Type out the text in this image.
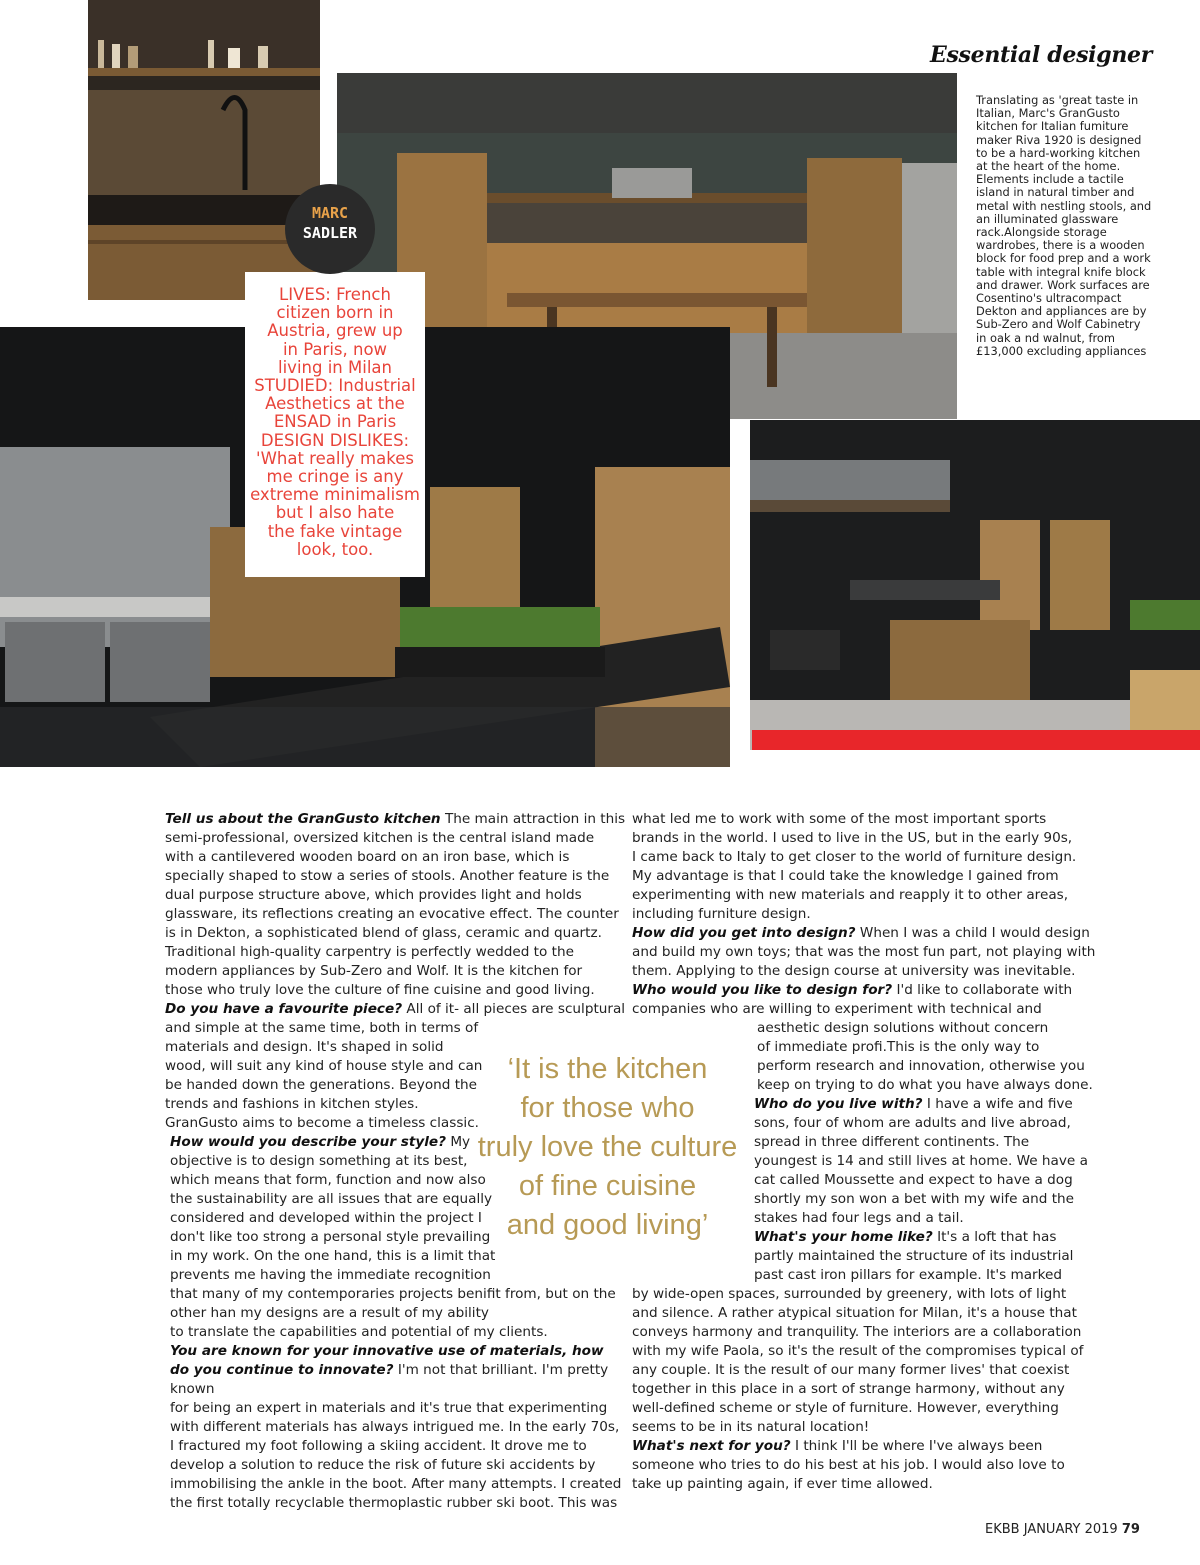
Essential designer
Translating as 'great taste in Italian, Marc's GranGusto kitchen for Italian fumiture maker Riva 1920 is designed to be a hard-working kitchen at the heart of the home. Elements include a tactile island in natural timber and metal with nestling stools, and an illuminated glassware rack.Alongside storage wardrobes, there is a wooden block for food prep and a work table with integral knife block and drawer. Work surfaces are Cosentino's ultracompact Dekton and appliances are by Sub-Zero and Wolf Cabinetry in oak a nd walnut, from £13,000 excluding appliances
LIVES: French
citizen born in
Austria, grew up
in Paris, now
living in Milan
STUDIED: Industrial
Aesthetics at the
ENSAD in Paris
DESIGN DISLIKES:
'What really makes
me cringe is any
extreme minimalism
but I also hate
the fake vintage
look, too.
MARC
SADLER
Tell us about the GranGusto kitchen The main attraction in this
semi-professional, oversized kitchen is the central island made
with a cantilevered wooden board on an iron base, which is
specially shaped to stow a series of stools. Another feature is the
dual purpose structure above, which provides light and holds
glassware, its reflections creating an evocative effect. The counter
is in Dekton, a sophisticated blend of glass, ceramic and quartz.
Traditional high-quality carpentry is perfectly wedded to the
modern appliances by Sub-Zero and Wolf. It is the kitchen for
those who truly love the culture of fine cuisine and good living.
Do you have a favourite piece? All of it- all pieces are sculptural
and simple at the same time, both in terms of
materials and design. It's shaped in solid
wood, will suit any kind of house style and can
be handed down the generations. Beyond the
trends and fashions in kitchen styles.
GranGusto aims to become a timeless classic.
How would you describe your style? My
objective is to design something at its best,
which means that form, function and now also
the sustainability are all issues that are equally
considered and developed within the project I
don't like too strong a personal style prevailing
in my work. On the one hand, this is a limit that
prevents me having the immediate recognition
that many of my contemporaries projects benifit from, but on the
other han my designs are a result of my ability
to translate the capabilities and potential of my clients.
You are known for your innovative use of materials, how do you continue to innovate? I'm not that brilliant. I'm pretty known
for being an expert in materials and it's true that experimenting
with different materials has always intrigued me. In the early 70s,
I fractured my foot following a skiing accident. It drove me to
develop a solution to reduce the risk of future ski accidents by
immobilising the ankle in the boot. After many attempts. I created
the first totally recyclable thermoplastic rubber ski boot. This was
what led me to work with some of the most important sports
brands in the world. I used to live in the US, but in the early 90s,
I came back to Italy to get closer to the world of furniture design.
My advantage is that I could take the knowledge I gained from
experimenting with new materials and reapply it to other areas,
including furniture design.
How did you get into design? When I was a child I would design
and build my own toys; that was the most fun part, not playing with
them. Applying to the design course at university was inevitable.
Who would you like to design for? I'd like to collaborate with
companies who are willing to experiment with technical and
aesthetic design solutions without concern
of immediate profi.This is the only way to
perform research and innovation, otherwise you
keep on trying to do what you have always done.
Who do you live with? I have a wife and five
sons, four of whom are adults and live abroad,
spread in three different continents. The
youngest is 14 and still lives at home. We have a
cat called Moussette and expect to have a dog
shortly my son won a bet with my wife and the
stakes had four legs and a tail.
What's your home like? It's a loft that has
partly maintained the structure of its industrial
past cast iron pillars for example. It's marked
by wide-open spaces, surrounded by greenery, with lots of light
and silence. A rather atypical situation for Milan, it's a house that
conveys harmony and tranquility. The interiors are a collaboration
with my wife Paola, so it's the result of the compromises typical of
any couple. It is the result of our many former lives' that coexist
together in this place in a sort of strange harmony, without any
well-defined scheme or style of furniture. However, everything
seems to be in its natural location!
What's next for you? I think I'll be where I've always been
someone who tries to do his best at his job. I would also love to
take up painting again, if ever time allowed.
‘It is the kitchen
for those who
truly love the culture
of fine cuisine
and good living’
EKBB JANUARY 2019 79
